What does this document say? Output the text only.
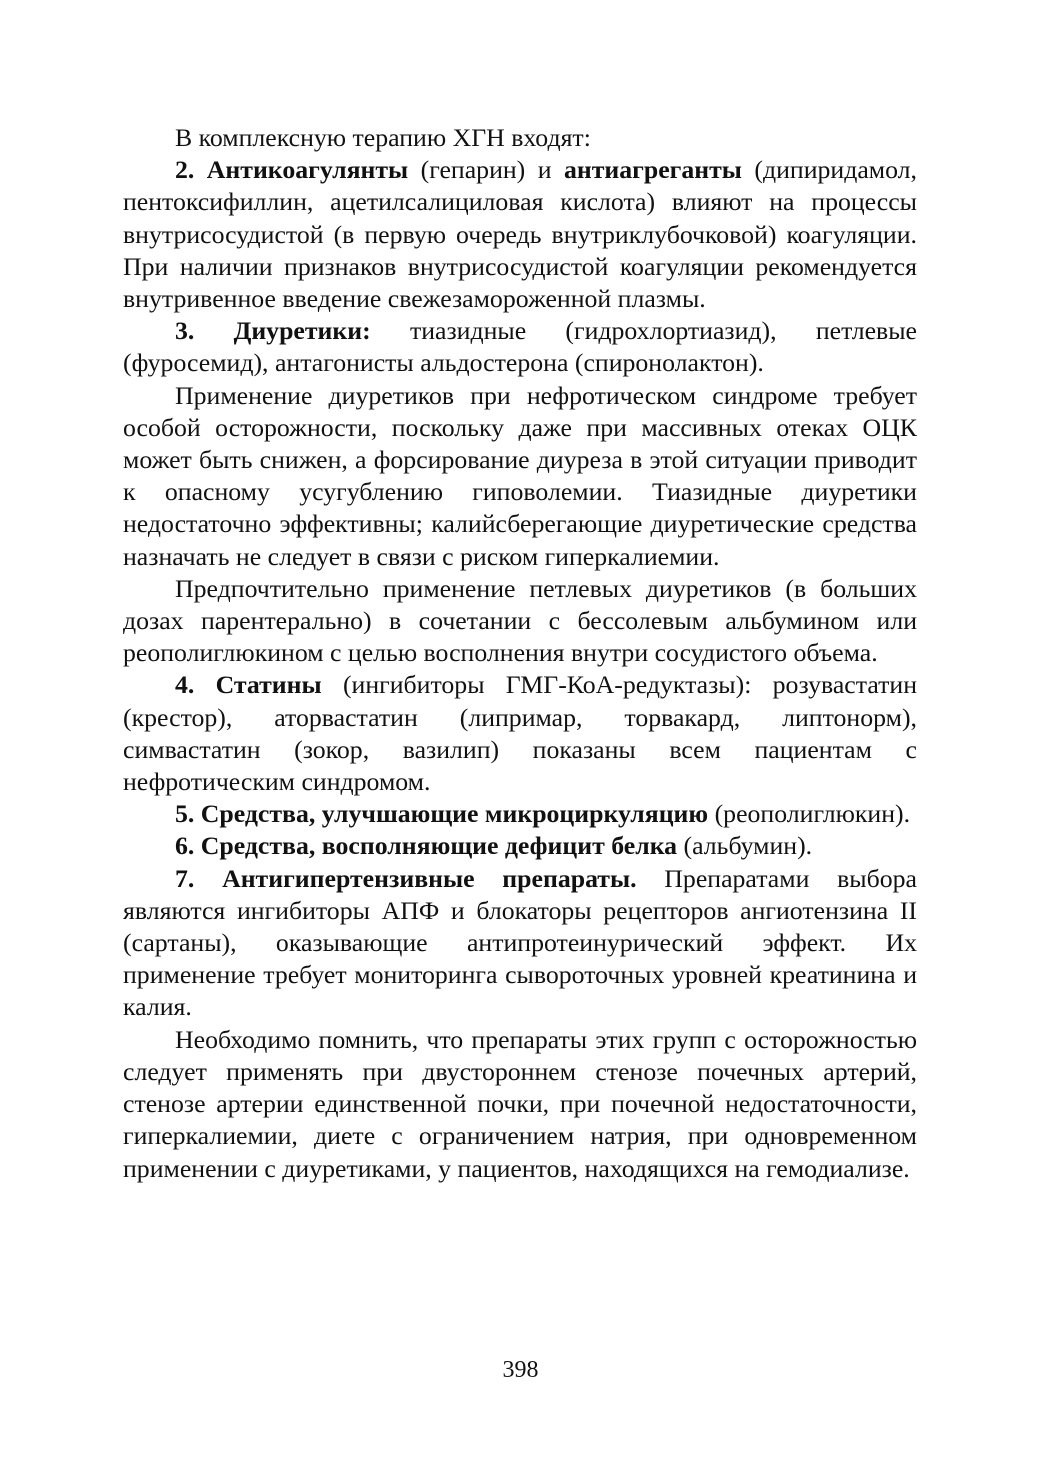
В комплексную терапию ХГН входят:

2. Антикоагулянты (гепарин) и антиагреганты (дипиридамол, пентоксифиллин, ацетилсалициловая кислота) влияют на процессы внутрисосудистой (в первую очередь внутриклубочковой) коагуляции. При наличии признаков внутрисосудистой коагуляции рекомендуется внутривенное введение свежезамороженной плазмы.

3. Диуретики: тиазидные (гидрохлортиазид), петлевые (фуросемид), антагонисты альдостерона (спиронолактон).

Применение диуретиков при нефротическом синдроме требует особой осторожности, поскольку даже при массивных отеках ОЦК может быть снижен, а форсирование диуреза в этой ситуации приводит к опасному усугублению гиповолемии. Тиазидные диуретики недостаточно эффективны; калийсберегающие диуретические средства назначать не следует в связи с риском гиперкалиемии.

Предпочтительно применение петлевых диуретиков (в больших дозах парентерально) в сочетании с бессолевым альбумином или реополиглюкином с целью восполнения внутри сосудистого объема.

4. Статины (ингибиторы ГМГ-КоА-редуктазы): розувастатин (крестор), аторвастатин (липримар, торвакард, липтонорм), симвастатин (зокор, вазилип) показаны всем пациентам с нефротическим синдромом.

5. Средства, улучшающие микроциркуляцию (реополиглюкин).

6. Средства, восполняющие дефицит белка (альбумин).

7. Антигипертензивные препараты. Препаратами выбора являются ингибиторы АПФ и блокаторы рецепторов ангиотензина II (сартаны), оказывающие антипротеинурический эффект. Их применение требует мониторинга сывороточных уровней креатинина и калия.

Необходимо помнить, что препараты этих групп с осторожностью следует применять при двустороннем стенозе почечных артерий, стенозе артерии единственной почки, при почечной недостаточности, гиперкалиемии, диете с ограничением натрия, при одновременном применении с диуретиками, у пациентов, находящихся на гемодиализе.

398
